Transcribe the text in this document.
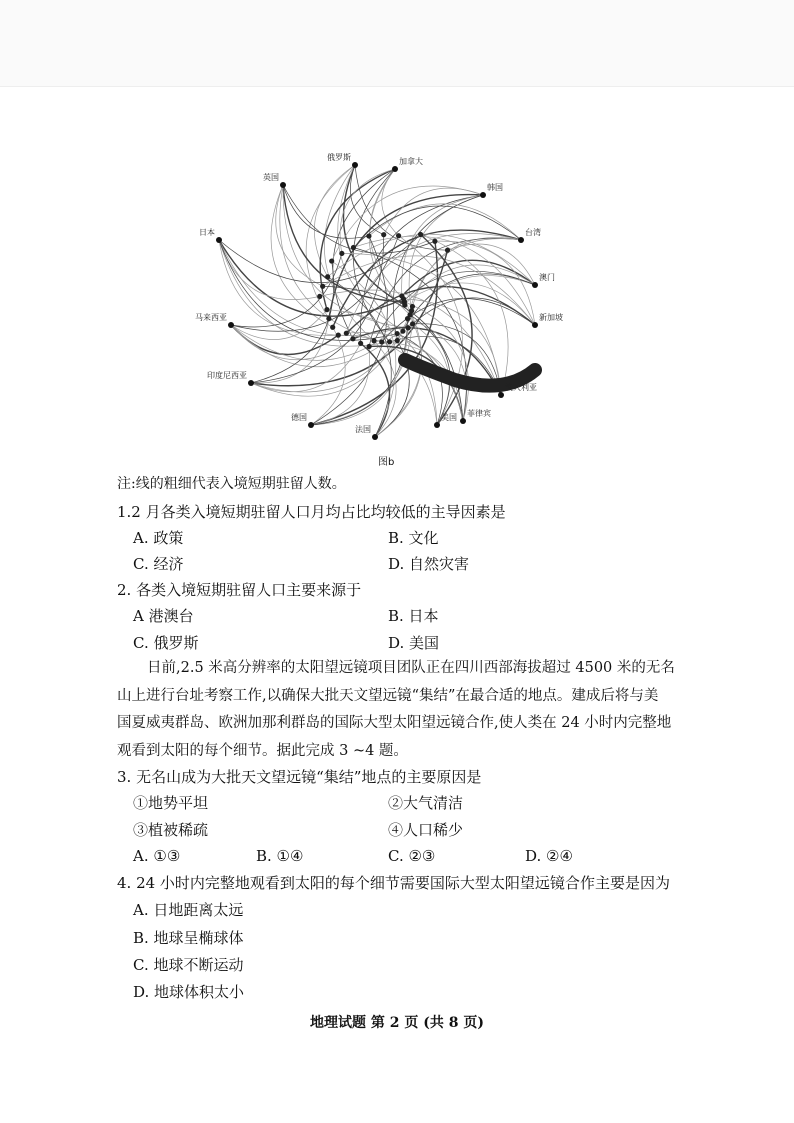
俄罗斯	加拿大
英国
韩国
日本	台湾
澳门
马来西亚	新加坡
印度尼西亚
澳大利亚
德国
法国
美国 菲律宾
图b
注:线的粗细代表入境短期驻留人数。
1.2 月各类入境短期驻留人口月均占比均较低的主导因素是
A. 政策	B. 文化
C. 经济	D. 自然灾害
2. 各类入境短期驻留人口主要来源于
A 港澳台	B. 日本
C. 俄罗斯	D. 美国
日前,2.5 米高分辨率的太阳望远镜项目团队正在四川西部海拔超过 4500 米的无名
山上进行台址考察工作,以确保大批天文望远镜“集结”在最合适的地点。建成后将与美
国夏威夷群岛、欧洲加那利群岛的国际大型太阳望远镜合作,使人类在 24 小时内完整地
观看到太阳的每个细节。据此完成 3 ~4 题。
3. 无名山成为大批天文望远镜“集结”地点的主要原因是
①地势平坦	②大气清洁
③植被稀疏	④人口稀少
A. ①③	B. ①④	C. ②③	D. ②④
4. 24 小时内完整地观看到太阳的每个细节需要国际大型太阳望远镜合作主要是因为
A. 日地距离太远
B. 地球呈椭球体
C. 地球不断运动
D. 地球体积太小
地理试题 第 2 页 (共 8 页)
